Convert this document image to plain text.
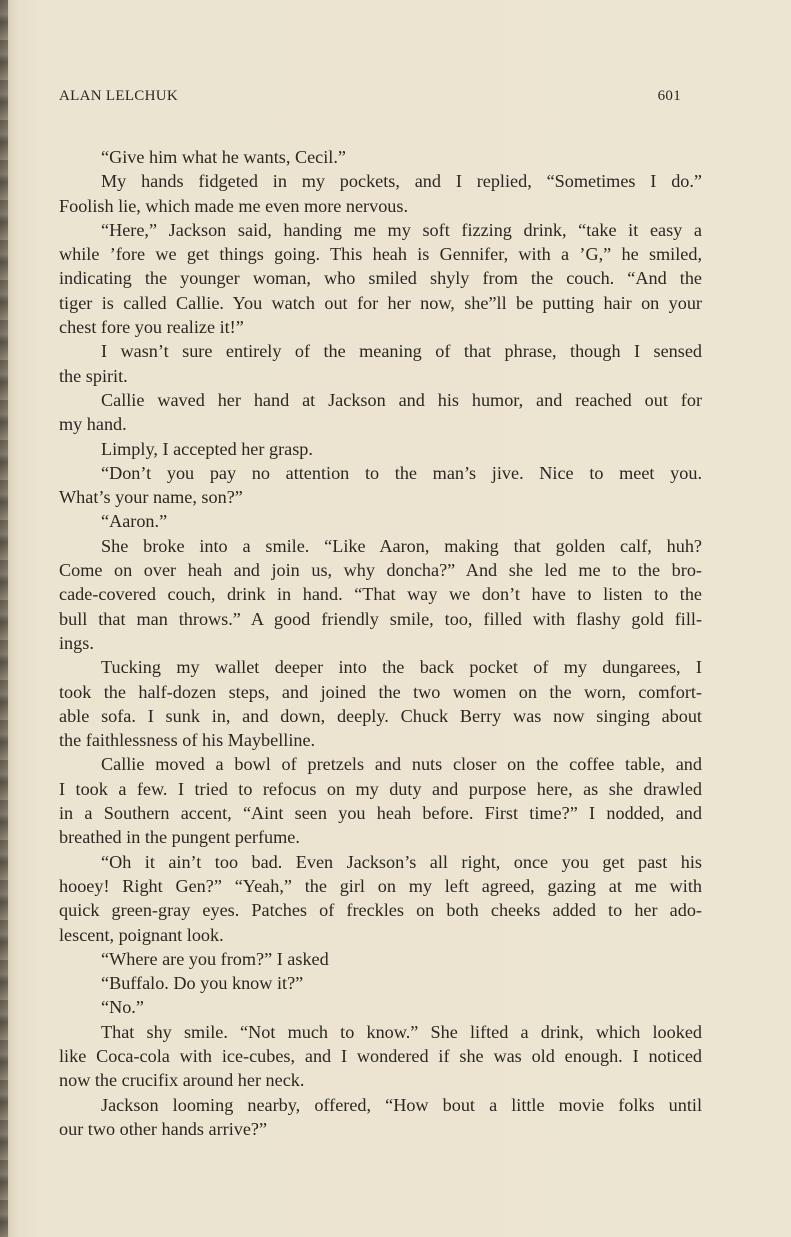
ALAN LELCHUK	601
“Give him what he wants, Cecil.”
My hands fidgeted in my pockets, and I replied, “Sometimes I do.”
Foolish lie, which made me even more nervous.
“Here,” Jackson said, handing me my soft fizzing drink, “take it easy a
while ’fore we get things going. This heah is Gennifer, with a ’G,” he smiled,
indicating the younger woman, who smiled shyly from the couch. “And the
tiger is called Callie. You watch out for her now, she”ll be putting hair on your
chest fore you realize it!”
I wasn’t sure entirely of the meaning of that phrase, though I sensed
the spirit.
Callie waved her hand at Jackson and his humor, and reached out for
my hand.
Limply, I accepted her grasp.
“Don’t you pay no attention to the man’s jive. Nice to meet you.
What’s your name, son?”
“Aaron.”
She broke into a smile. “Like Aaron, making that golden calf, huh?
Come on over heah and join us, why doncha?” And she led me to the bro-
cade-covered couch, drink in hand. “That way we don’t have to listen to the
bull that man throws.” A good friendly smile, too, filled with flashy gold fill-
ings.
Tucking my wallet deeper into the back pocket of my dungarees, I
took the half-dozen steps, and joined the two women on the worn, comfort-
able sofa. I sunk in, and down, deeply. Chuck Berry was now singing about
the faithlessness of his Maybelline.
Callie moved a bowl of pretzels and nuts closer on the coffee table, and
I took a few. I tried to refocus on my duty and purpose here, as she drawled
in a Southern accent, “Aint seen you heah before. First time?” I nodded, and
breathed in the pungent perfume.
“Oh it ain’t too bad. Even Jackson’s all right, once you get past his
hooey! Right Gen?” “Yeah,” the girl on my left agreed, gazing at me with
quick green-gray eyes. Patches of freckles on both cheeks added to her ado-
lescent, poignant look.
“Where are you from?” I asked
“Buffalo. Do you know it?”
“No.”
That shy smile. “Not much to know.” She lifted a drink, which looked
like Coca-cola with ice-cubes, and I wondered if she was old enough. I noticed
now the crucifix around her neck.
Jackson looming nearby, offered, “How bout a little movie folks until
our two other hands arrive?”
